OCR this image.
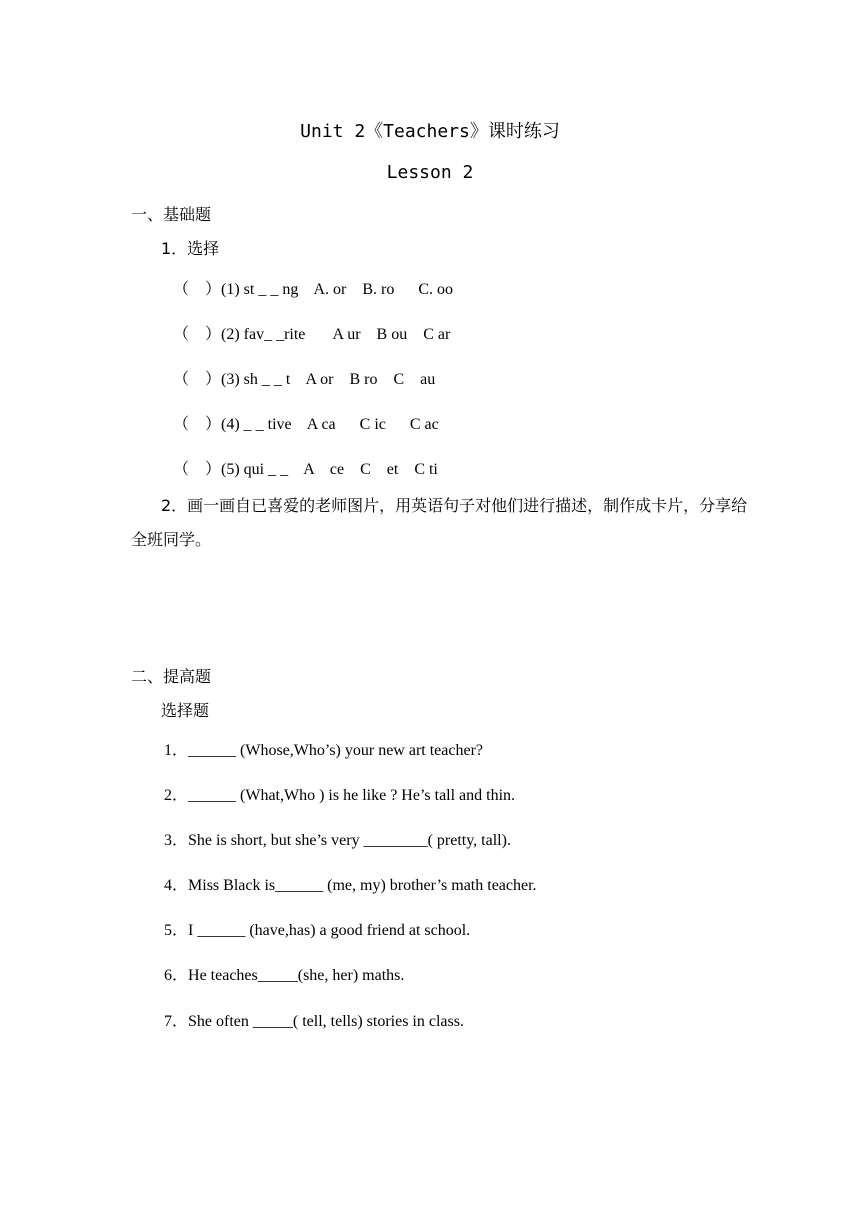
Unit 2《Teachers》课时练习
Lesson 2
一、基础题
1．选择
（　）(1) st _ _ ng    A. or    B. ro      C. oo
（　）(2) fav_ _rite       A ur    B ou    C ar
（　）(3) sh _ _ t    A or    B ro    C    au
（　）(4) _ _ tive    A ca      C ic      C ac
（　）(5) qui _ _    A    ce    C    et    C ti
2．画一画自已喜爱的老师图片，用英语句子对他们进行描述，制作成卡片，分享给全班同学。
二、提高题
选择题
1．______ (Whose,Who’s) your new art teacher?
2．______ (What,Who ) is he like ? He’s tall and thin.
3．She is short, but she’s very ________( pretty, tall).
4．Miss Black is______ (me, my) brother’s math teacher.
5．I ______ (have,has) a good friend at school.
6．He teaches_____(she, her) maths.
7．She often _____( tell, tells) stories in class.
